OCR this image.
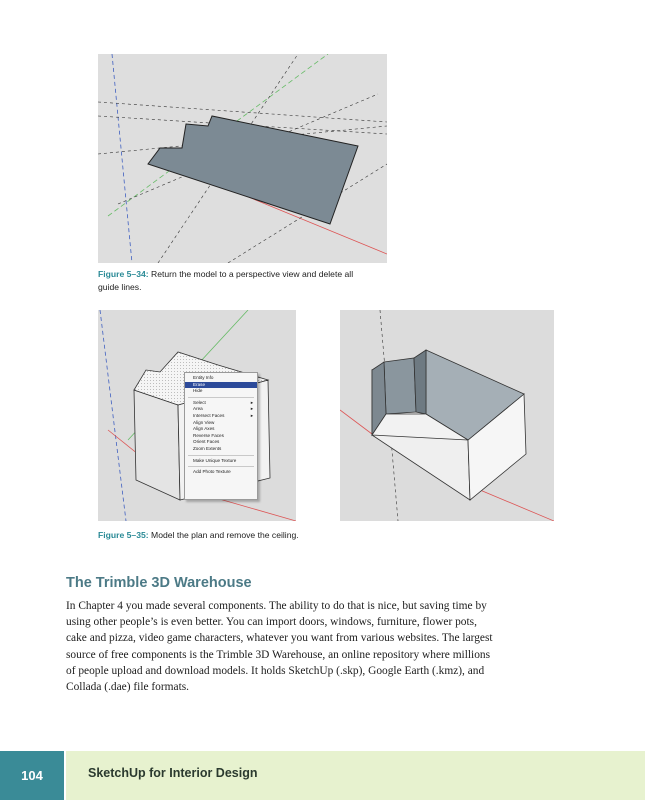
Figure 5–34: Return the model to a perspective view and delete all
guide lines.
Entity Info
Erase
Hide
Select	►
Area	►
Intersect Faces	►
Align View
Align Axes
Reverse Faces
Orient Faces
Zoom Extents
Make Unique Texture
Add Photo Texture
Figure 5–35: Model the plan and remove the ceiling.
The Trimble 3D Warehouse

In Chapter 4 you made several components. The ability to do that is nice, but saving time by

using other people’s is even better. You can import doors, windows, furniture, flower pots,

cake and pizza, video game characters, whatever you want from various websites. The largest

source of free components is the Trimble 3D Warehouse, an online repository where millions

of people upload and download models. It holds SketchUp (.skp), Google Earth (.kmz), and

Collada (.dae) file formats.

104	SketchUp for Interior Design
